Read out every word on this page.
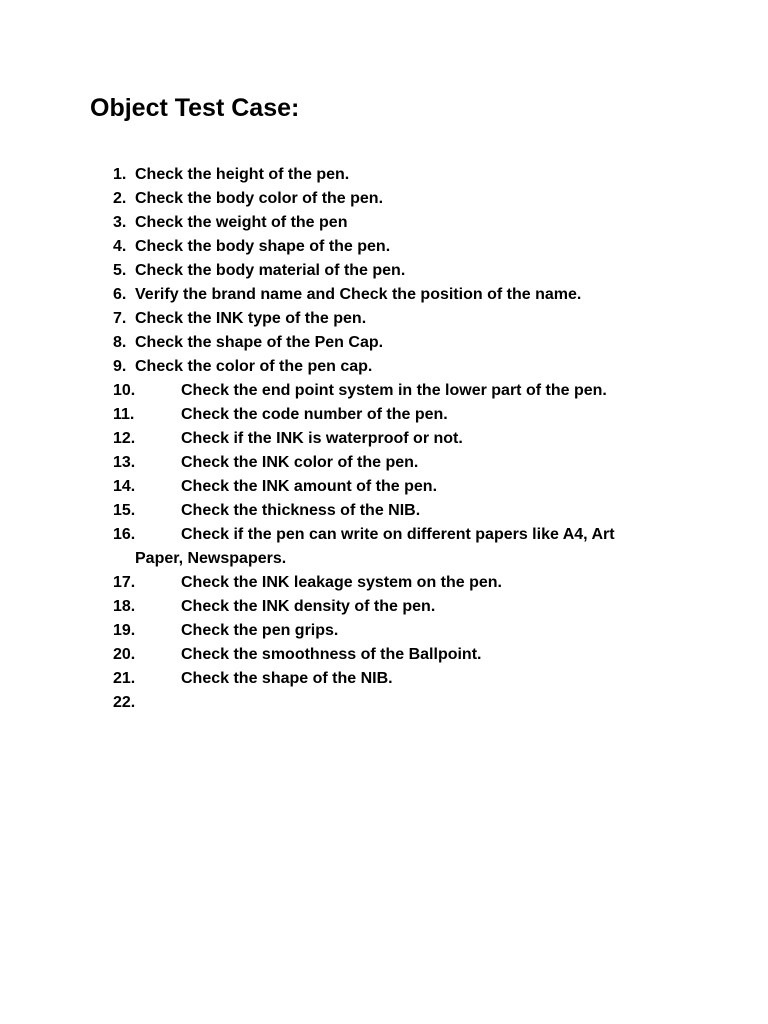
Object Test Case:
1. Check the height of the pen.
2. Check the body color of the pen.
3. Check the weight of the pen
4. Check the body shape of the pen.
5. Check the body material of the pen.
6. Verify the brand name and Check the position of the name.
7. Check the INK type of the pen.
8. Check the shape of the Pen Cap.
9. Check the color of the pen cap.
10.	Check the end point system in the lower part of the pen.
11.	Check the code number of the pen.
12.	Check if the INK is waterproof or not.
13.	Check the INK color of the pen.
14.	Check the INK amount of the pen.
15.	Check the thickness of the NIB.
16.	Check if the pen can write on different papers like A4, Art
Paper, Newspapers.
17.	Check the INK leakage system on the pen.
18.	Check the INK density of the pen.
19.	Check the pen grips.
20.	Check the smoothness of the Ballpoint.
21.	Check the shape of the NIB.
22.
